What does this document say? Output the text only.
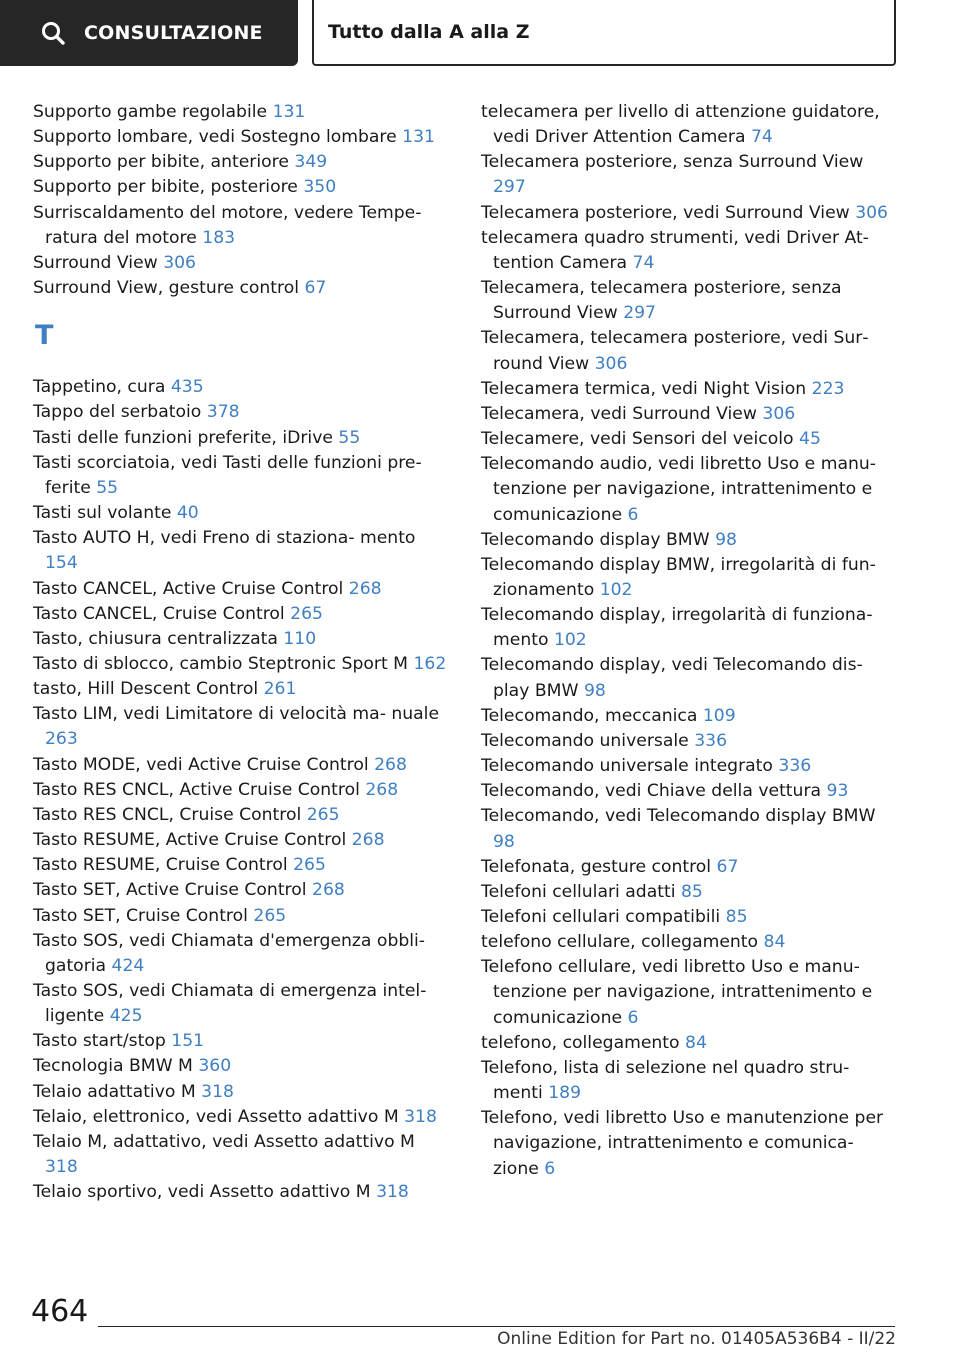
CONSULTAZIONE	Tutto dalla A alla Z
Supporto gambe regolabile 131
Supporto lombare, vedi Sostegno lombare 131
Supporto per bibite, anteriore 349
Supporto per bibite, posteriore 350
Surriscaldamento del motore, vedere Tempe‐ ratura del motore 183
Surround View 306
Surround View, gesture control 67
T
Tappetino, cura 435
Tappo del serbatoio 378
Tasti delle funzioni preferite, iDrive 55
Tasti scorciatoia, vedi Tasti delle funzioni pre‐ ferite 55
Tasti sul volante 40
Tasto AUTO H, vedi Freno di staziona‐ mento 154
Tasto CANCEL, Active Cruise Control 268
Tasto CANCEL, Cruise Control 265
Tasto, chiusura centralizzata 110
Tasto di sblocco, cambio Steptronic Sport M 162
tasto, Hill Descent Control 261
Tasto LIM, vedi Limitatore di velocità ma‐ nuale 263
Tasto MODE, vedi Active Cruise Control 268
Tasto RES CNCL, Active Cruise Control 268
Tasto RES CNCL, Cruise Control 265
Tasto RESUME, Active Cruise Control 268
Tasto RESUME, Cruise Control 265
Tasto SET, Active Cruise Control 268
Tasto SET, Cruise Control 265
Tasto SOS, vedi Chiamata d'emergenza obbli‐ gatoria 424
Tasto SOS, vedi Chiamata di emergenza intel‐ ligente 425
Tasto start/stop 151
Tecnologia BMW M 360
Telaio adattativo M 318
Telaio, elettronico, vedi Assetto adattivo M 318
Telaio M, adattativo, vedi Assetto adattivo M 318
Telaio sportivo, vedi Assetto adattivo M 318
telecamera per livello di attenzione guidatore, vedi Driver Attention Camera 74
Telecamera posteriore, senza Surround View 297
Telecamera posteriore, vedi Surround View 306
telecamera quadro strumenti, vedi Driver At‐ tention Camera 74
Telecamera, telecamera posteriore, senza Surround View 297
Telecamera, telecamera posteriore, vedi Sur‐ round View 306
Telecamera termica, vedi Night Vision 223
Telecamera, vedi Surround View 306
Telecamere, vedi Sensori del veicolo 45
Telecomando audio, vedi libretto Uso e manu‐ tenzione per navigazione, intrattenimento e comunicazione 6
Telecomando display BMW 98
Telecomando display BMW, irregolarità di fun‐ zionamento 102
Telecomando display, irregolarità di funziona‐ mento 102
Telecomando display, vedi Telecomando dis‐ play BMW 98
Telecomando, meccanica 109
Telecomando universale 336
Telecomando universale integrato 336
Telecomando, vedi Chiave della vettura 93
Telecomando, vedi Telecomando display BMW 98
Telefonata, gesture control 67
Telefoni cellulari adatti 85
Telefoni cellulari compatibili 85
telefono cellulare, collegamento 84
Telefono cellulare, vedi libretto Uso e manu‐ tenzione per navigazione, intrattenimento e comunicazione 6
telefono, collegamento 84
Telefono, lista di selezione nel quadro stru‐ menti 189
Telefono, vedi libretto Uso e manutenzione per navigazione, intrattenimento e comunica‐ zione 6
464
Online Edition for Part no. 01405A536B4 - II/22
